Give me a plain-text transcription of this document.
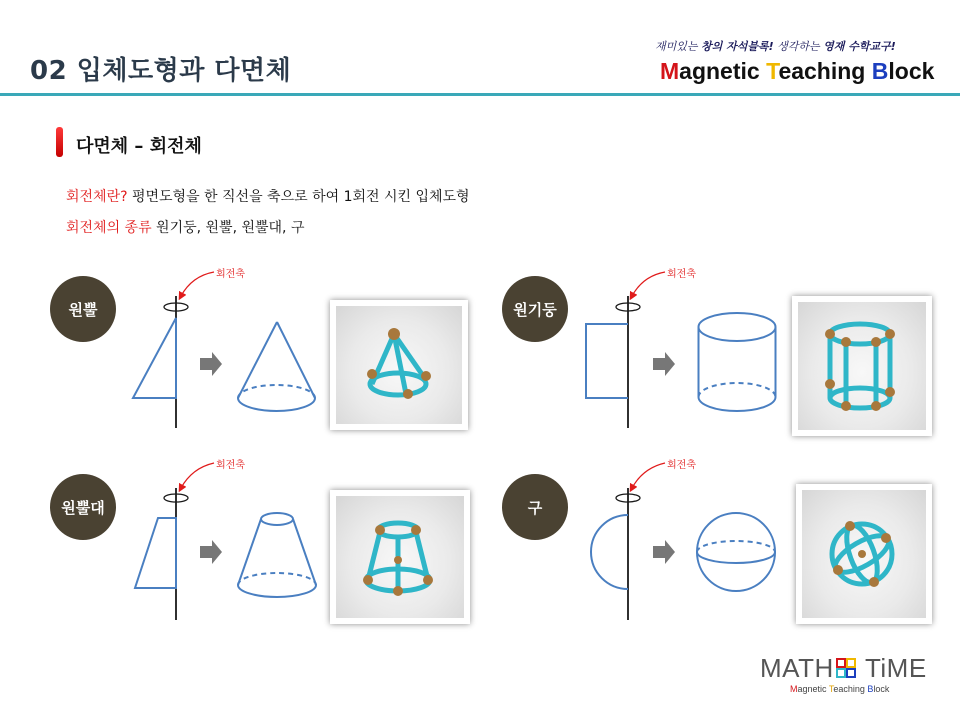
02 입체도형과 다면체
재미있는 창의 자석블록! 생각하는 영재 수학교구!
Magnetic Teaching Block
다면체 – 회전체
회전체란? 평면도형을 한 직선을 축으로 하여 1회전 시킨 입체도형
회전체의 종류 원기둥, 원뿔, 원뿔대, 구
원뿔	원기둥
원뿔대	구
회전축	회전축
회전축	회전축
MATH TiME
Magnetic Teaching Block
